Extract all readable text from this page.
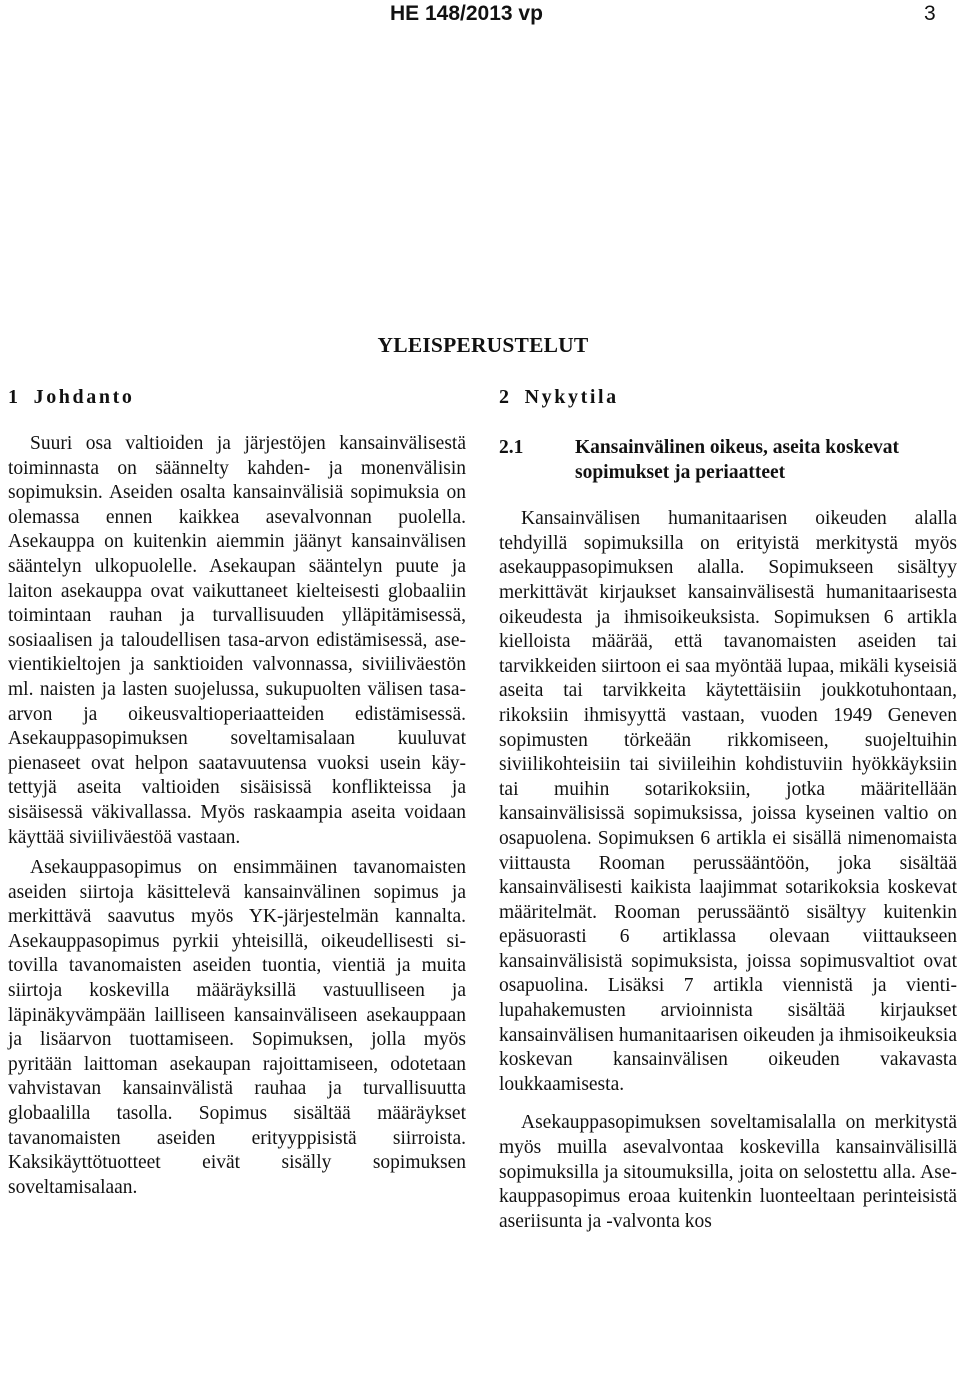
HE 148/2013 vp	3
YLEISPERUSTELUT
1 Johdanto

Suuri osa valtioiden ja järjestöjen kansainvälisestä toiminnasta on säännelty kahden- ja monenvälisin sopimuksin. Aseiden osalta kansainvälisiä sopimuksia on olemassa ennen kaikkea asevalvonnan puolella. Asekauppa on kuitenkin aiemmin jäänyt kansainvälisen sääntelyn ulkopuolelle. Asekaupan sääntelyn puute ja laiton asekauppa ovat vaikuttaneet kielteisesti globaaliin toimintaan rauhan ja turvallisuuden ylläpitämisessä, sosiaalisen ja taloudellisen tasa-arvon edistämisessä, asevientikieltojen ja sanktioiden valvonnassa, siviiliväestön ml. naisten ja lasten suojelussa, sukupuolten välisen tasa-arvon ja oikeusvaltioperiaatteiden edistämisessä. Asekauppasopimuksen soveltamisalaan kuuluvat pienaseet ovat helpon saatavuutensa vuoksi usein käytettyjä aseita valtioiden sisäisissä konflikteissa ja sisäisessä väkivallassa. Myös raskaampia aseita voidaan käyttää siviiliväestöä vastaan.

Asekauppasopimus on ensimmäinen tavanomaisten aseiden siirtoja käsittelevä kansainvälinen sopimus ja merkittävä saavutus myös YK-järjestelmän kannalta. Asekauppasopimus pyrkii yhteisillä, oikeudellisesti sitovilla tavanomaisten aseiden tuontia, vientiä ja muita siirtoja koskevilla määräyksillä vastuulliseen ja läpinäkyvämpään lailliseen kansainväliseen asekauppaan ja lisäarvon tuottamiseen. Sopimuksen, jolla myös pyritään laittoman asekaupan rajoittamiseen, odotetaan vahvistavan kansainvälistä rauhaa ja turvallisuutta globaalilla tasolla. Sopimus sisältää määräykset tavanomaisten aseiden erityyppisistä siirroista. Kaksikäyttötuotteet eivät sisälly sopimuksen soveltamisalaan.

2 Nykytila
2.1	Kansainvälinen oikeus, aseita koskevat sopimukset ja periaatteet

Kansainvälisen humanitaarisen oikeuden alalla tehdyillä sopimuksilla on erityistä merkitystä myös asekauppasopimuksen alalla. Sopimukseen sisältyy merkittävät kirjaukset kansainvälisestä humanitaarisesta oikeudesta ja ihmisoikeuksista. Sopimuksen 6 artikla kielloista määrää, että tavanomaisten aseiden tai tarvikkeiden siirtoon ei saa myöntää lupaa, mikäli kyseisiä aseita tai tarvikkeita käytettäisiin joukkotuhontaan, rikoksiin ihmisyyttä vastaan, vuoden 1949 Geneven sopimusten törkeään rikkomiseen, suojeltuihin siviilikohteisiin tai siviileihin kohdistuviin hyökkäyksiin tai muihin sotarikoksiin, jotka määritellään kansainvälisissä sopimuksissa, joissa kyseinen valtio on osapuolena. Sopimuksen 6 artikla ei sisällä nimenomaista viittausta Rooman perussääntöön, joka sisältää kansainvälisesti kaikista laajimmat sotarikoksia koskevat määritelmät. Rooman perussääntö sisältyy kuitenkin epäsuorasti 6 artiklassa olevaan viittaukseen kansainvälisistä sopimuksista, joissa sopimusvaltiot ovat osapuolina. Lisäksi 7 artikla viennistä ja vientilupahakemusten arvioinnista sisältää kirjaukset kansainvälisen humanitaarisen oikeuden ja ihmisoikeuksia koskevan kansainvälisen oikeuden vakavasta loukkaamisesta.

Asekauppasopimuksen soveltamisalalla on merkitystä myös muilla asevalvontaa koskevilla kansainvälisillä sopimuksilla ja sitoumuksilla, joita on selostettu alla. Asekauppasopimus eroaa kuitenkin luonteeltaan perinteisistä aseriisunta ja -valvonta kos
